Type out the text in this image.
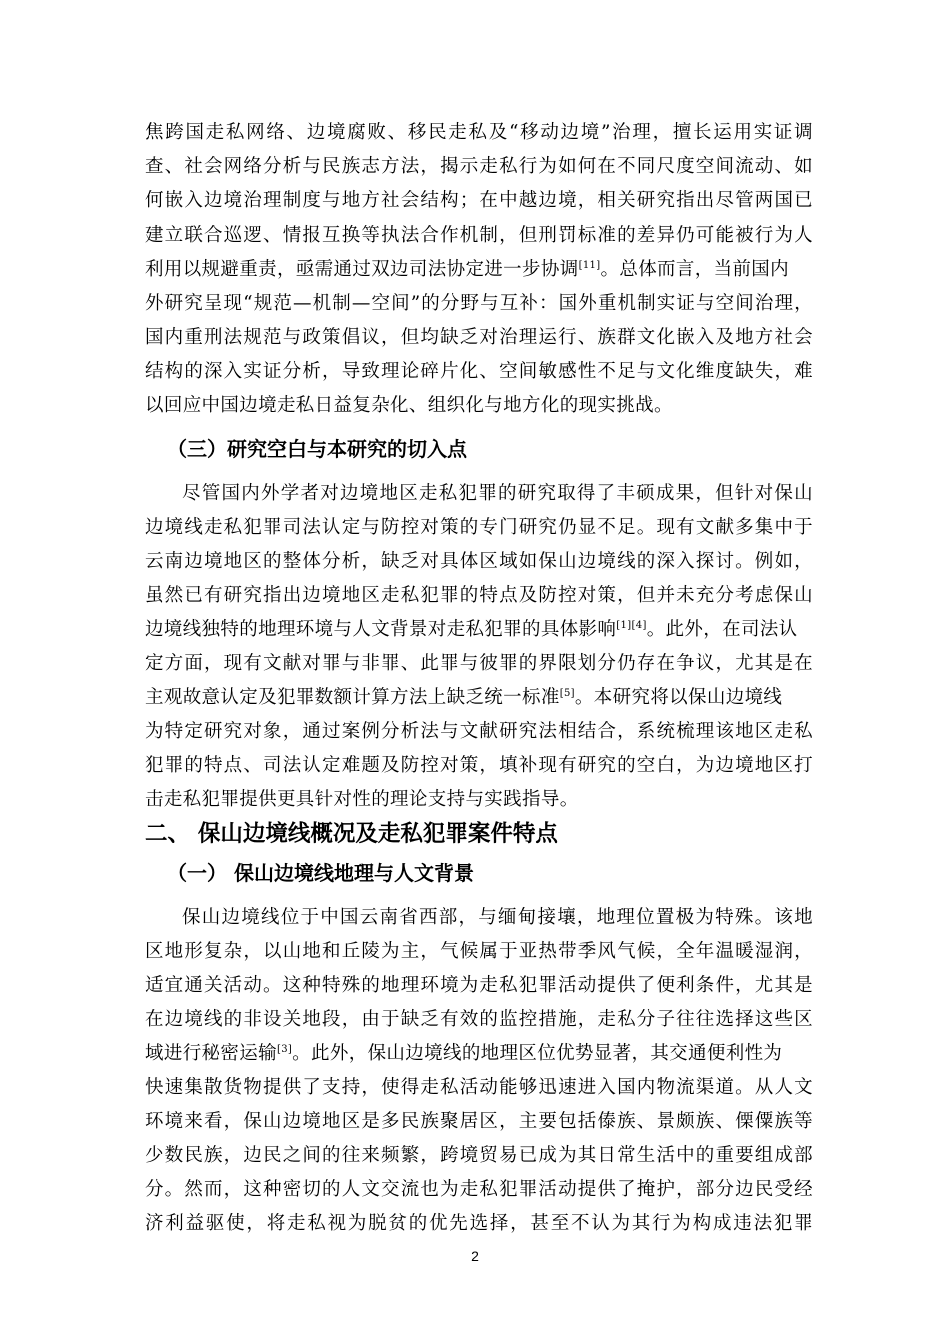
焦跨国走私网络、边境腐败、移民走私及“移动边境”治理，擅长运用实证调
查、社会网络分析与民族志方法，揭示走私行为如何在不同尺度空间流动、如
何嵌入边境治理制度与地方社会结构；在中越边境，相关研究指出尽管两国已
建立联合巡逻、情报互换等执法合作机制，但刑罚标准的差异仍可能被行为人
利用以规避重责，亟需通过双边司法协定进一步协调[11]。总体而言，当前国内
外研究呈现“规范—机制—空间”的分野与互补：国外重机制实证与空间治理，
国内重刑法规范与政策倡议，但均缺乏对治理运行、族群文化嵌入及地方社会
结构的深入实证分析，导致理论碎片化、空间敏感性不足与文化维度缺失，难
以回应中国边境走私日益复杂化、组织化与地方化的现实挑战。
（三）研究空白与本研究的切入点
尽管国内外学者对边境地区走私犯罪的研究取得了丰硕成果，但针对保山
边境线走私犯罪司法认定与防控对策的专门研究仍显不足。现有文献多集中于
云南边境地区的整体分析，缺乏对具体区域如保山边境线的深入探讨。例如，
虽然已有研究指出边境地区走私犯罪的特点及防控对策，但并未充分考虑保山
边境线独特的地理环境与人文背景对走私犯罪的具体影响[1][4]。此外，在司法认
定方面，现有文献对罪与非罪、此罪与彼罪的界限划分仍存在争议，尤其是在
主观故意认定及犯罪数额计算方法上缺乏统一标准[5]。本研究将以保山边境线
为特定研究对象，通过案例分析法与文献研究法相结合，系统梳理该地区走私
犯罪的特点、司法认定难题及防控对策，填补现有研究的空白，为边境地区打
击走私犯罪提供更具针对性的理论支持与实践指导。
二、 保山边境线概况及走私犯罪案件特点
（一） 保山边境线地理与人文背景
保山边境线位于中国云南省西部，与缅甸接壤，地理位置极为特殊。该地
区地形复杂，以山地和丘陵为主，气候属于亚热带季风气候，全年温暖湿润，
适宜通关活动。这种特殊的地理环境为走私犯罪活动提供了便利条件，尤其是
在边境线的非设关地段，由于缺乏有效的监控措施，走私分子往往选择这些区
域进行秘密运输[3]。此外，保山边境线的地理区位优势显著，其交通便利性为
快速集散货物提供了支持，使得走私活动能够迅速进入国内物流渠道。从人文
环境来看，保山边境地区是多民族聚居区，主要包括傣族、景颇族、傈僳族等
少数民族，边民之间的往来频繁，跨境贸易已成为其日常生活中的重要组成部
分。然而，这种密切的人文交流也为走私犯罪活动提供了掩护，部分边民受经
济利益驱使，将走私视为脱贫的优先选择，甚至不认为其行为构成违法犯罪
2
